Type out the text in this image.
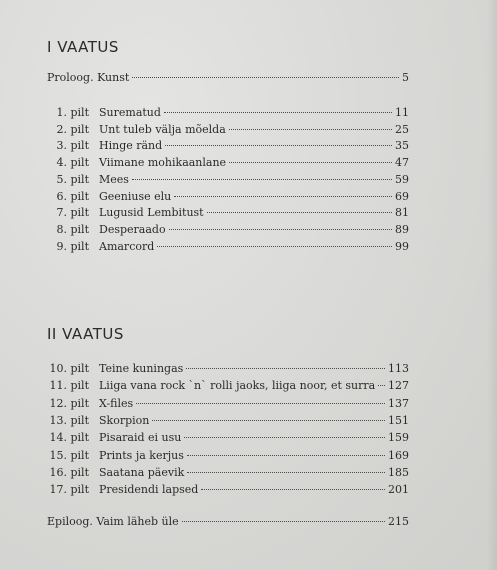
I VAATUS
Proloog. Kunst	5
1. pilt Surematud	11
2. pilt Unt tuleb välja mõelda	25
3. pilt Hinge ränd	35
4. pilt Viimane mohikaanlane	47
5. pilt Mees	59
6. pilt Geeniuse elu	69
7. pilt Lugusid Lembitust	81
8. pilt Desperaado	89
9. pilt Amarcord	99
II VAATUS
10. pilt Teine kuningas	113
11. pilt Liiga vana rock `n` rolli jaoks, liiga noor, et surra 127
12. pilt X-files	137
13. pilt Skorpion	151
14. pilt Pisaraid ei usu	159
15. pilt Prints ja kerjus	169
16. pilt Saatana päevik	185
17. pilt Presidendi lapsed	201
Epiloog. Vaim läheb üle	215
